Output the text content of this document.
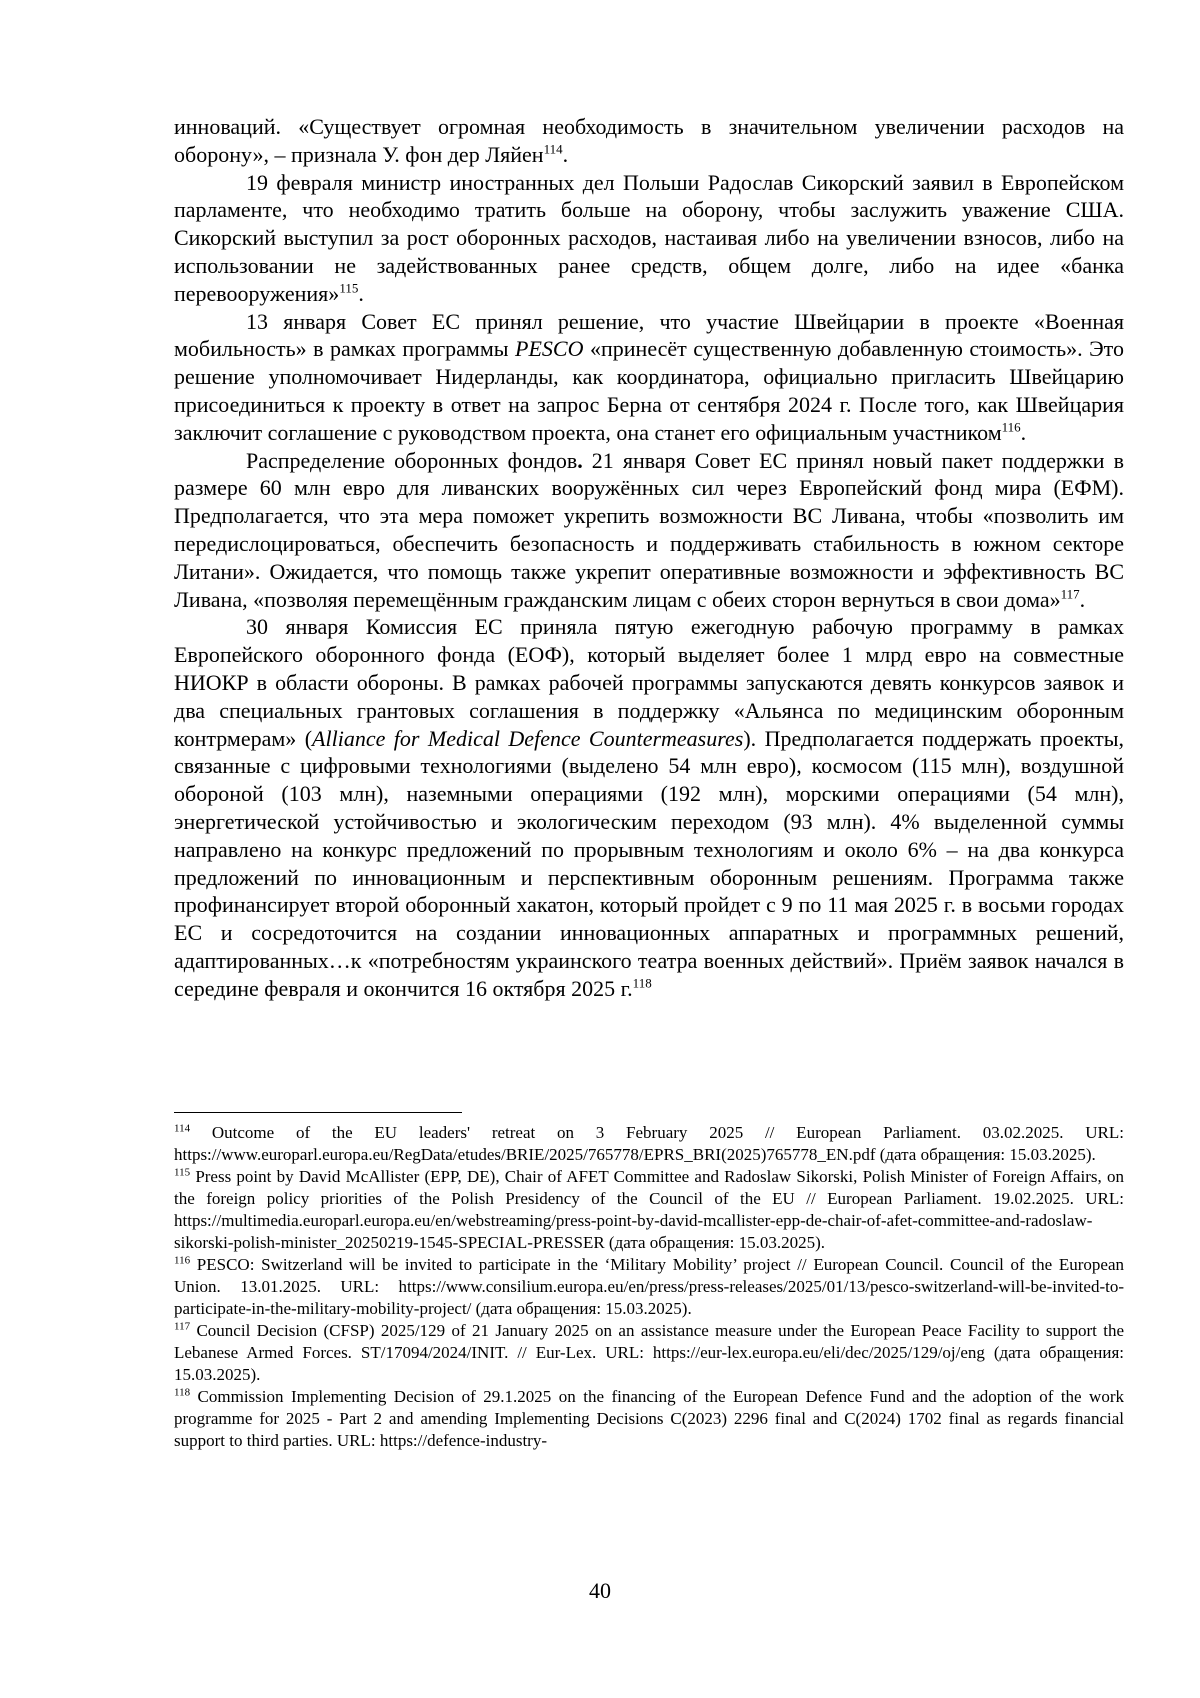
инноваций. «Существует огромная необходимость в значительном увеличении расходов на оборону», – признала У. фон дер Ляйен$^{114}$.

19 февраля министр иностранных дел Польши Радослав Сикорский заявил в Европейском парламенте, что необходимо тратить больше на оборону, чтобы заслужить уважение США. Сикорский выступил за рост оборонных расходов, настаивая либо на увеличении взносов, либо на использовании не задействованных ранее средств, общем долге, либо на идее «банка перевооружения»$^{115}$.

13 января Совет ЕС принял решение, что участие Швейцарии в проекте «Военная мобильность» в рамках программы PESCO «принесёт существенную добавленную стоимость». Это решение уполномочивает Нидерланды, как координатора, официально пригласить Швейцарию присоединиться к проекту в ответ на запрос Берна от сентября 2024 г. После того, как Швейцария заключит соглашение с руководством проекта, она станет его официальным участником$^{116}$.

Распределение оборонных фондов. 21 января Совет ЕС принял новый пакет поддержки в размере 60 млн евро для ливанских вооружённых сил через Европейский фонд мира (ЕФМ). Предполагается, что эта мера поможет укрепить возможности ВС Ливана, чтобы «позволить им передислоцироваться, обеспечить безопасность и поддерживать стабильность в южном секторе Литани». Ожидается, что помощь также укрепит оперативные возможности и эффективность ВС Ливана, «позволяя перемещённым гражданским лицам с обеих сторон вернуться в свои дома»$^{117}$.

30 января Комиссия ЕС приняла пятую ежегодную рабочую программу в рамках Европейского оборонного фонда (ЕОФ), который выделяет более 1 млрд евро на совместные НИОКР в области обороны. В рамках рабочей программы запускаются девять конкурсов заявок и два специальных грантовых соглашения в поддержку «Альянса по медицинским оборонным контрмерам» (Alliance for Medical Defence Countermeasures). Предполагается поддержать проекты, связанные с цифровыми технологиями (выделено 54 млн евро), космосом (115 млн), воздушной обороной (103 млн), наземными операциями (192 млн), морскими операциями (54 млн), энергетической устойчивостью и экологическим переходом (93 млн). 4% выделенной суммы направлено на конкурс предложений по прорывным технологиям и около 6% – на два конкурса предложений по инновационным и перспективным оборонным решениям. Программа также профинансирует второй оборонный хакатон, который пройдет с 9 по 11 мая 2025 г. в восьми городах ЕС и сосредоточится на создании инновационных аппаратных и программных решений, адаптированных…к «потребностям украинского театра военных действий». Приём заявок начался в середине февраля и окончится 16 октября 2025 г.$^{118}$

$^{114}$ Outcome of the EU leaders' retreat on 3 February 2025 // European Parliament. 03.02.2025. URL: https://www.europarl.europa.eu/RegData/etudes/BRIE/2025/765778/EPRS_BRI(2025)765778_EN.pdf (дата обращения: 15.03.2025).

$^{115}$ Press point by David McAllister (EPP, DE), Chair of AFET Committee and Radoslaw Sikorski, Polish Minister of Foreign Affairs, on the foreign policy priorities of the Polish Presidency of the Council of the EU // European Parliament. 19.02.2025. URL: https://multimedia.europarl.europa.eu/en/webstreaming/press-point-by-david-mcallister-epp-de-chair-of-afet-committee-and-radoslaw-sikorski-polish-minister_20250219-1545-SPECIAL-PRESSER (дата обращения: 15.03.2025).

$^{116}$ PESCO: Switzerland will be invited to participate in the ‘Military Mobility’ project // European Council. Council of the European Union. 13.01.2025. URL: https://www.consilium.europa.eu/en/press/press-releases/2025/01/13/pesco-switzerland-will-be-invited-to-participate-in-the-military-mobility-project/ (дата обращения: 15.03.2025).

$^{117}$ Council Decision (CFSP) 2025/129 of 21 January 2025 on an assistance measure under the European Peace Facility to support the Lebanese Armed Forces. ST/17094/2024/INIT. // Eur-Lex. URL: https://eur-lex.europa.eu/eli/dec/2025/129/oj/eng (дата обращения: 15.03.2025).

$^{118}$ Commission Implementing Decision of 29.1.2025 on the financing of the European Defence Fund and the adoption of the work programme for 2025 - Part 2 and amending Implementing Decisions C(2023) 2296 final and C(2024) 1702 final as regards financial support to third parties. URL: https://defence-industry-

40
